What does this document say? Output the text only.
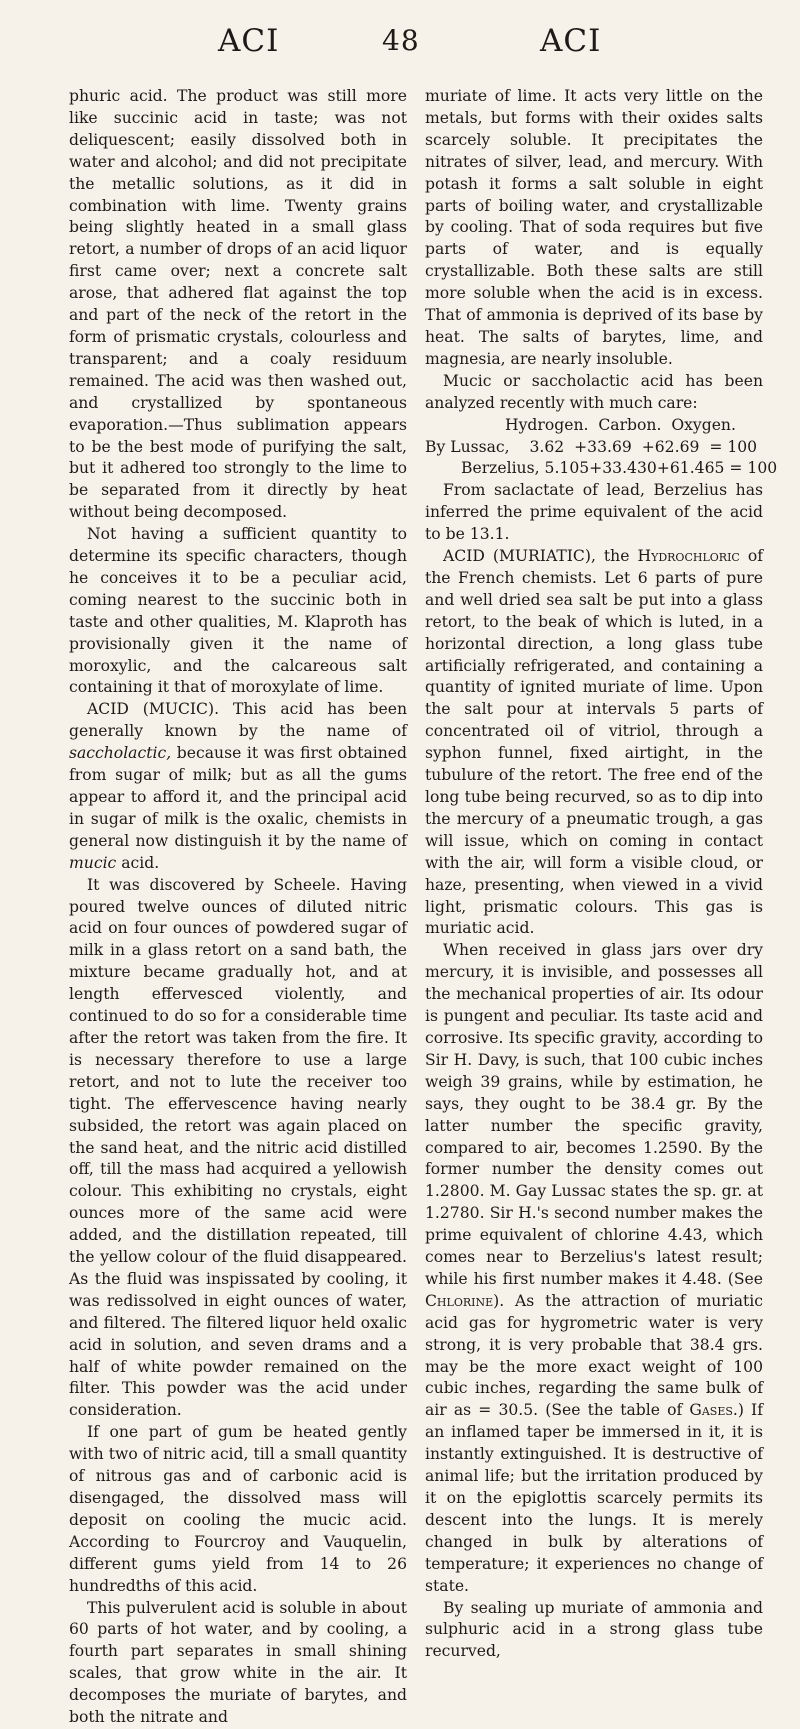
ACI	48	ACI

phuric acid. The product was still more like succinic acid in taste; was not deliquescent; easily dissolved both in water and alcohol; and did not precipitate the metallic solutions, as it did in combination with lime. Twenty grains being slightly heated in a small glass retort, a number of drops of an acid liquor first came over; next a concrete salt arose, that adhered flat against the top and part of the neck of the retort in the form of prismatic crystals, colourless and transparent; and a coaly residuum remained. The acid was then washed out, and crystallized by spontaneous evaporation.—Thus sublimation appears to be the best mode of purifying the salt, but it adhered too strongly to the lime to be separated from it directly by heat without being decomposed.

Not having a sufficient quantity to determine its specific characters, though he conceives it to be a peculiar acid, coming nearest to the succinic both in taste and other qualities, M. Klaproth has provisionally given it the name of moroxylic, and the calcareous salt containing it that of moroxylate of lime.

ACID (MUCIC). This acid has been generally known by the name of saccholactic, because it was first obtained from sugar of milk; but as all the gums appear to afford it, and the principal acid in sugar of milk is the oxalic, chemists in general now distinguish it by the name of mucic acid.

It was discovered by Scheele. Having poured twelve ounces of diluted nitric acid on four ounces of powdered sugar of milk in a glass retort on a sand bath, the mixture became gradually hot, and at length effervesced violently, and continued to do so for a considerable time after the retort was taken from the fire. It is necessary therefore to use a large retort, and not to lute the receiver too tight. The effervescence having nearly subsided, the retort was again placed on the sand heat, and the nitric acid distilled off, till the mass had acquired a yellowish colour. This exhibiting no crystals, eight ounces more of the same acid were added, and the distillation repeated, till the yellow colour of the fluid disappeared. As the fluid was inspissated by cooling, it was redissolved in eight ounces of water, and filtered. The filtered liquor held oxalic acid in solution, and seven drams and a half of white powder remained on the filter. This powder was the acid under consideration.

If one part of gum be heated gently with two of nitric acid, till a small quantity of nitrous gas and of carbonic acid is disengaged, the dissolved mass will deposit on cooling the mucic acid. According to Fourcroy and Vauquelin, different gums yield from 14 to 26 hundredths of this acid.

This pulverulent acid is soluble in about 60 parts of hot water, and by cooling, a fourth part separates in small shining scales, that grow white in the air. It decomposes the muriate of barytes, and both the nitrate and

muriate of lime. It acts very little on the metals, but forms with their oxides salts scarcely soluble. It precipitates the nitrates of silver, lead, and mercury. With potash it forms a salt soluble in eight parts of boiling water, and crystallizable by cooling. That of soda requires but five parts of water, and is equally crystallizable. Both these salts are still more soluble when the acid is in excess. That of ammonia is deprived of its base by heat. The salts of barytes, lime, and magnesia, are nearly insoluble.

Mucic or saccholactic acid has been analyzed recently with much care:

Hydrogen.  Carbon.  Oxygen.
By Lussac,    3.62  +33.69  +62.69  = 100
Berzelius, 5.105+33.430+61.465 = 100

From saclactate of lead, Berzelius has inferred the prime equivalent of the acid to be 13.1.

ACID (MURIATIC), the Hydrochloric of the French chemists. Let 6 parts of pure and well dried sea salt be put into a glass retort, to the beak of which is luted, in a horizontal direction, a long glass tube artificially refrigerated, and containing a quantity of ignited muriate of lime. Upon the salt pour at intervals 5 parts of concentrated oil of vitriol, through a syphon funnel, fixed airtight, in the tubulure of the retort. The free end of the long tube being recurved, so as to dip into the mercury of a pneumatic trough, a gas will issue, which on coming in contact with the air, will form a visible cloud, or haze, presenting, when viewed in a vivid light, prismatic colours. This gas is muriatic acid.

When received in glass jars over dry mercury, it is invisible, and possesses all the mechanical properties of air. Its odour is pungent and peculiar. Its taste acid and corrosive. Its specific gravity, according to Sir H. Davy, is such, that 100 cubic inches weigh 39 grains, while by estimation, he says, they ought to be 38.4 gr. By the latter number the specific gravity, compared to air, becomes 1.2590. By the former number the density comes out 1.2800. M. Gay Lussac states the sp. gr. at 1.2780. Sir H.'s second number makes the prime equivalent of chlorine 4.43, which comes near to Berzelius's latest result; while his first number makes it 4.48. (See Chlorine). As the attraction of muriatic acid gas for hygrometric water is very strong, it is very probable that 38.4 grs. may be the more exact weight of 100 cubic inches, regarding the same bulk of air as = 30.5. (See the table of Gases.) If an inflamed taper be immersed in it, it is instantly extinguished. It is destructive of animal life; but the irritation produced by it on the epiglottis scarcely permits its descent into the lungs. It is merely changed in bulk by alterations of temperature; it experiences no change of state.

By sealing up muriate of ammonia and sulphuric acid in a strong glass tube recurved,
